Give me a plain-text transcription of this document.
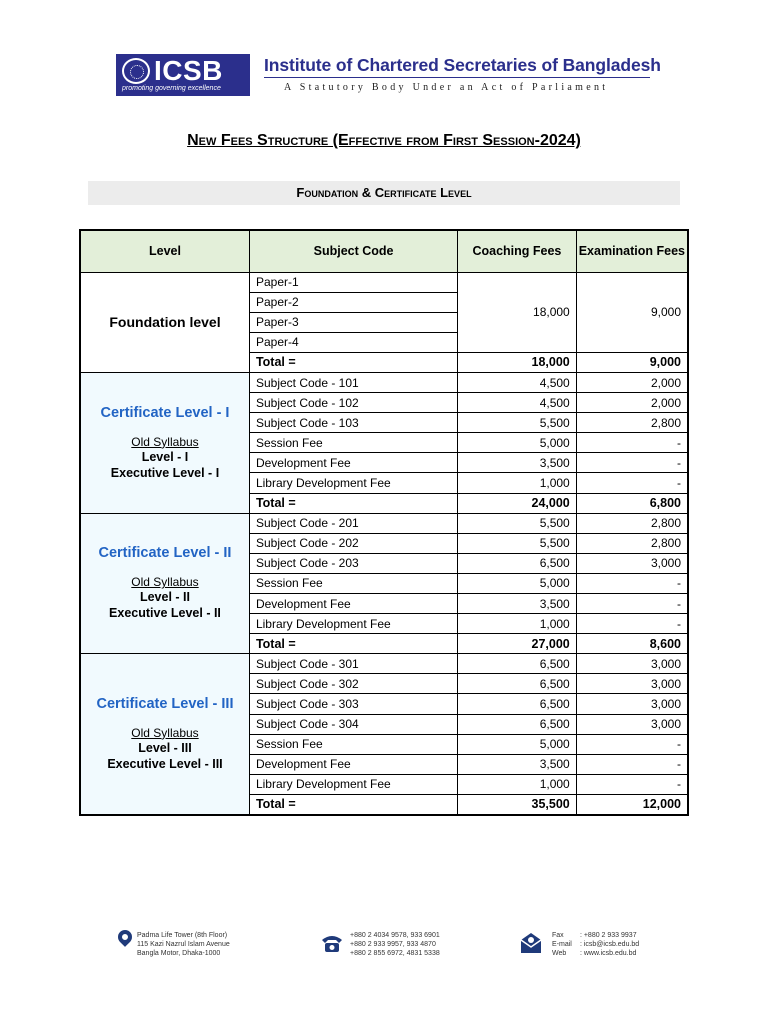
ICSB
promoting governing excellence
Institute of Chartered Secretaries of Bangladesh
A Statutory Body Under an Act of Parliament
New Fees Structure (Effective from First Session-2024)
Foundation & Certificate Level
Level	Subject Code	Coaching Fees	Examination Fees
Foundation level	Paper-1	18,000	9,000
	Paper-2		
	Paper-3		
	Paper-4		
	Total =	18,000	9,000

Certificate Level - I
Old Syllabus
Level - I
Executive Level - I	Subject Code - 101	4,500	2,000
	Subject Code - 102	4,500	2,000
	Subject Code - 103	5,500	2,800
	Session Fee	5,000	-
	Development Fee	3,500	-
	Library Development Fee	1,000	-
	Total =	24,000	6,800

Certificate Level - II
Old Syllabus
Level - II
Executive Level - II	Subject Code - 201	5,500	2,800
	Subject Code - 202	5,500	2,800
	Subject Code - 203	6,500	3,000
	Session Fee	5,000	-
	Development Fee	3,500	-
	Library Development Fee	1,000	-
	Total =	27,000	8,600

Certificate Level - III
Old Syllabus
Level - III
Executive Level - III	Subject Code - 301	6,500	3,000
	Subject Code - 302	6,500	3,000
	Subject Code - 303	6,500	3,000
	Subject Code - 304	6,500	3,000
	Session Fee	5,000	-
	Development Fee	3,500	-
	Library Development Fee	1,000	-
	Total =	35,500	12,000
Padma Life Tower (8th Floor)
115 Kazi Nazrul Islam Avenue
Bangla Motor, Dhaka-1000
+880 2 4034 9578, 933 6901
+880 2 933 9957, 933 4870
+880 2 855 6972, 4831 5338
Fax : +880 2 933 9937
E-mail : icsb@icsb.edu.bd
Web : www.icsb.edu.bd
